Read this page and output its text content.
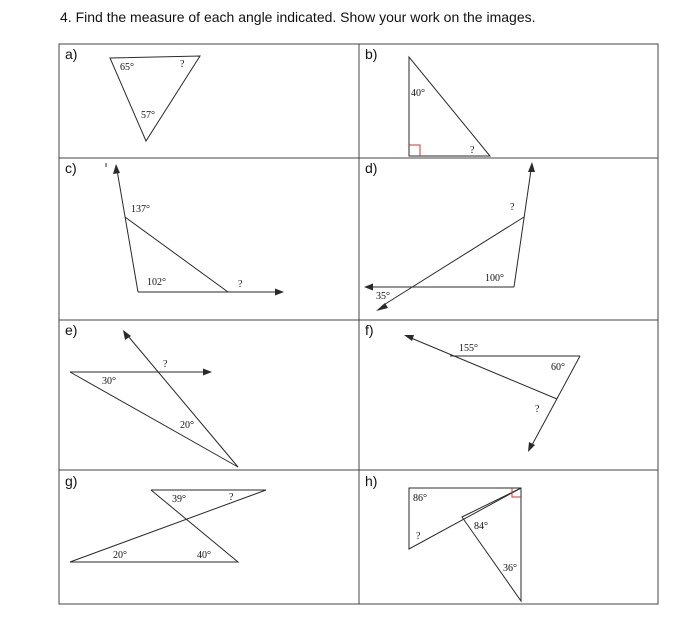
4. Find the measure of each angle indicated. Show your work on the images.
a)
65°	?
57°
b)
40°
?
c)
137°
102°	?
d)
?
100°
35°
e)
?
30°
20°
f)
155°
60°
?
g)
39°	?
20°	40°
h)
86°
84°
?
36°
